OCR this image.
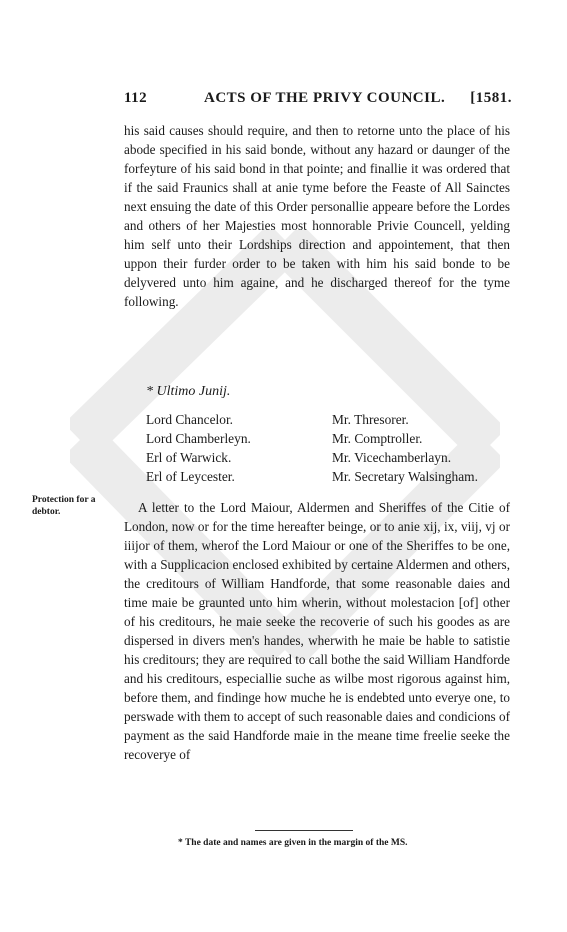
112	ACTS OF THE PRIVY COUNCIL. [1581.
his said causes should require, and then to retorne unto the place of his abode specified in his said bonde, without any hazard or daunger of the forfeyture of his said bond in that pointe; and finallie it was ordered that if the said Fraunics shall at anie tyme before the Feaste of All Sainctes next ensuing the date of this Order personallie appeare before the Lordes and others of her Majesties most honnorable Privie Councell, yelding him self unto their Lordships direction and appointement, that then uppon their furder order to be taken with him his said bonde to be delyvered unto him againe, and he discharged thereof for the tyme following.
* Ultimo Junij.
Lord Chancelor.	Mr. Thresorer.
Lord Chamberleyn.	Mr. Comptroller.
Erl of Warwick.	Mr. Vicechamberlayn.
Erl of Leycester.	Mr. Secretary Walsingham.
Protection for a debtor.	A letter to the Lord Maiour, Aldermen and Sheriffes of the Citie of London, now or for the time hereafter beinge, or to anie xij, ix, viij, vj or iiijor of them, wherof the Lord Maiour or one of the Sheriffes to be one, with a Supplicacion enclosed exhibited by certaine Aldermen and others, the creditours of William Handforde, that some reasonable daies and time maie be graunted unto him wherin, without molestacion [of] other of his creditours, he maie seeke the recoverie of such his goodes as are dispersed in divers men's handes, wherwith he maie be hable to satistie his creditours; they are required to call bothe the said William Handforde and his creditours, especiallie suche as wilbe most rigorous against him, before them, and findinge how muche he is endebted unto everye one, to perswade with them to accept of such reasonable daies and condicions of payment as the said Handforde maie in the meane time freelie seeke the recoverye of
* The date and names are given in the margin of the MS.
